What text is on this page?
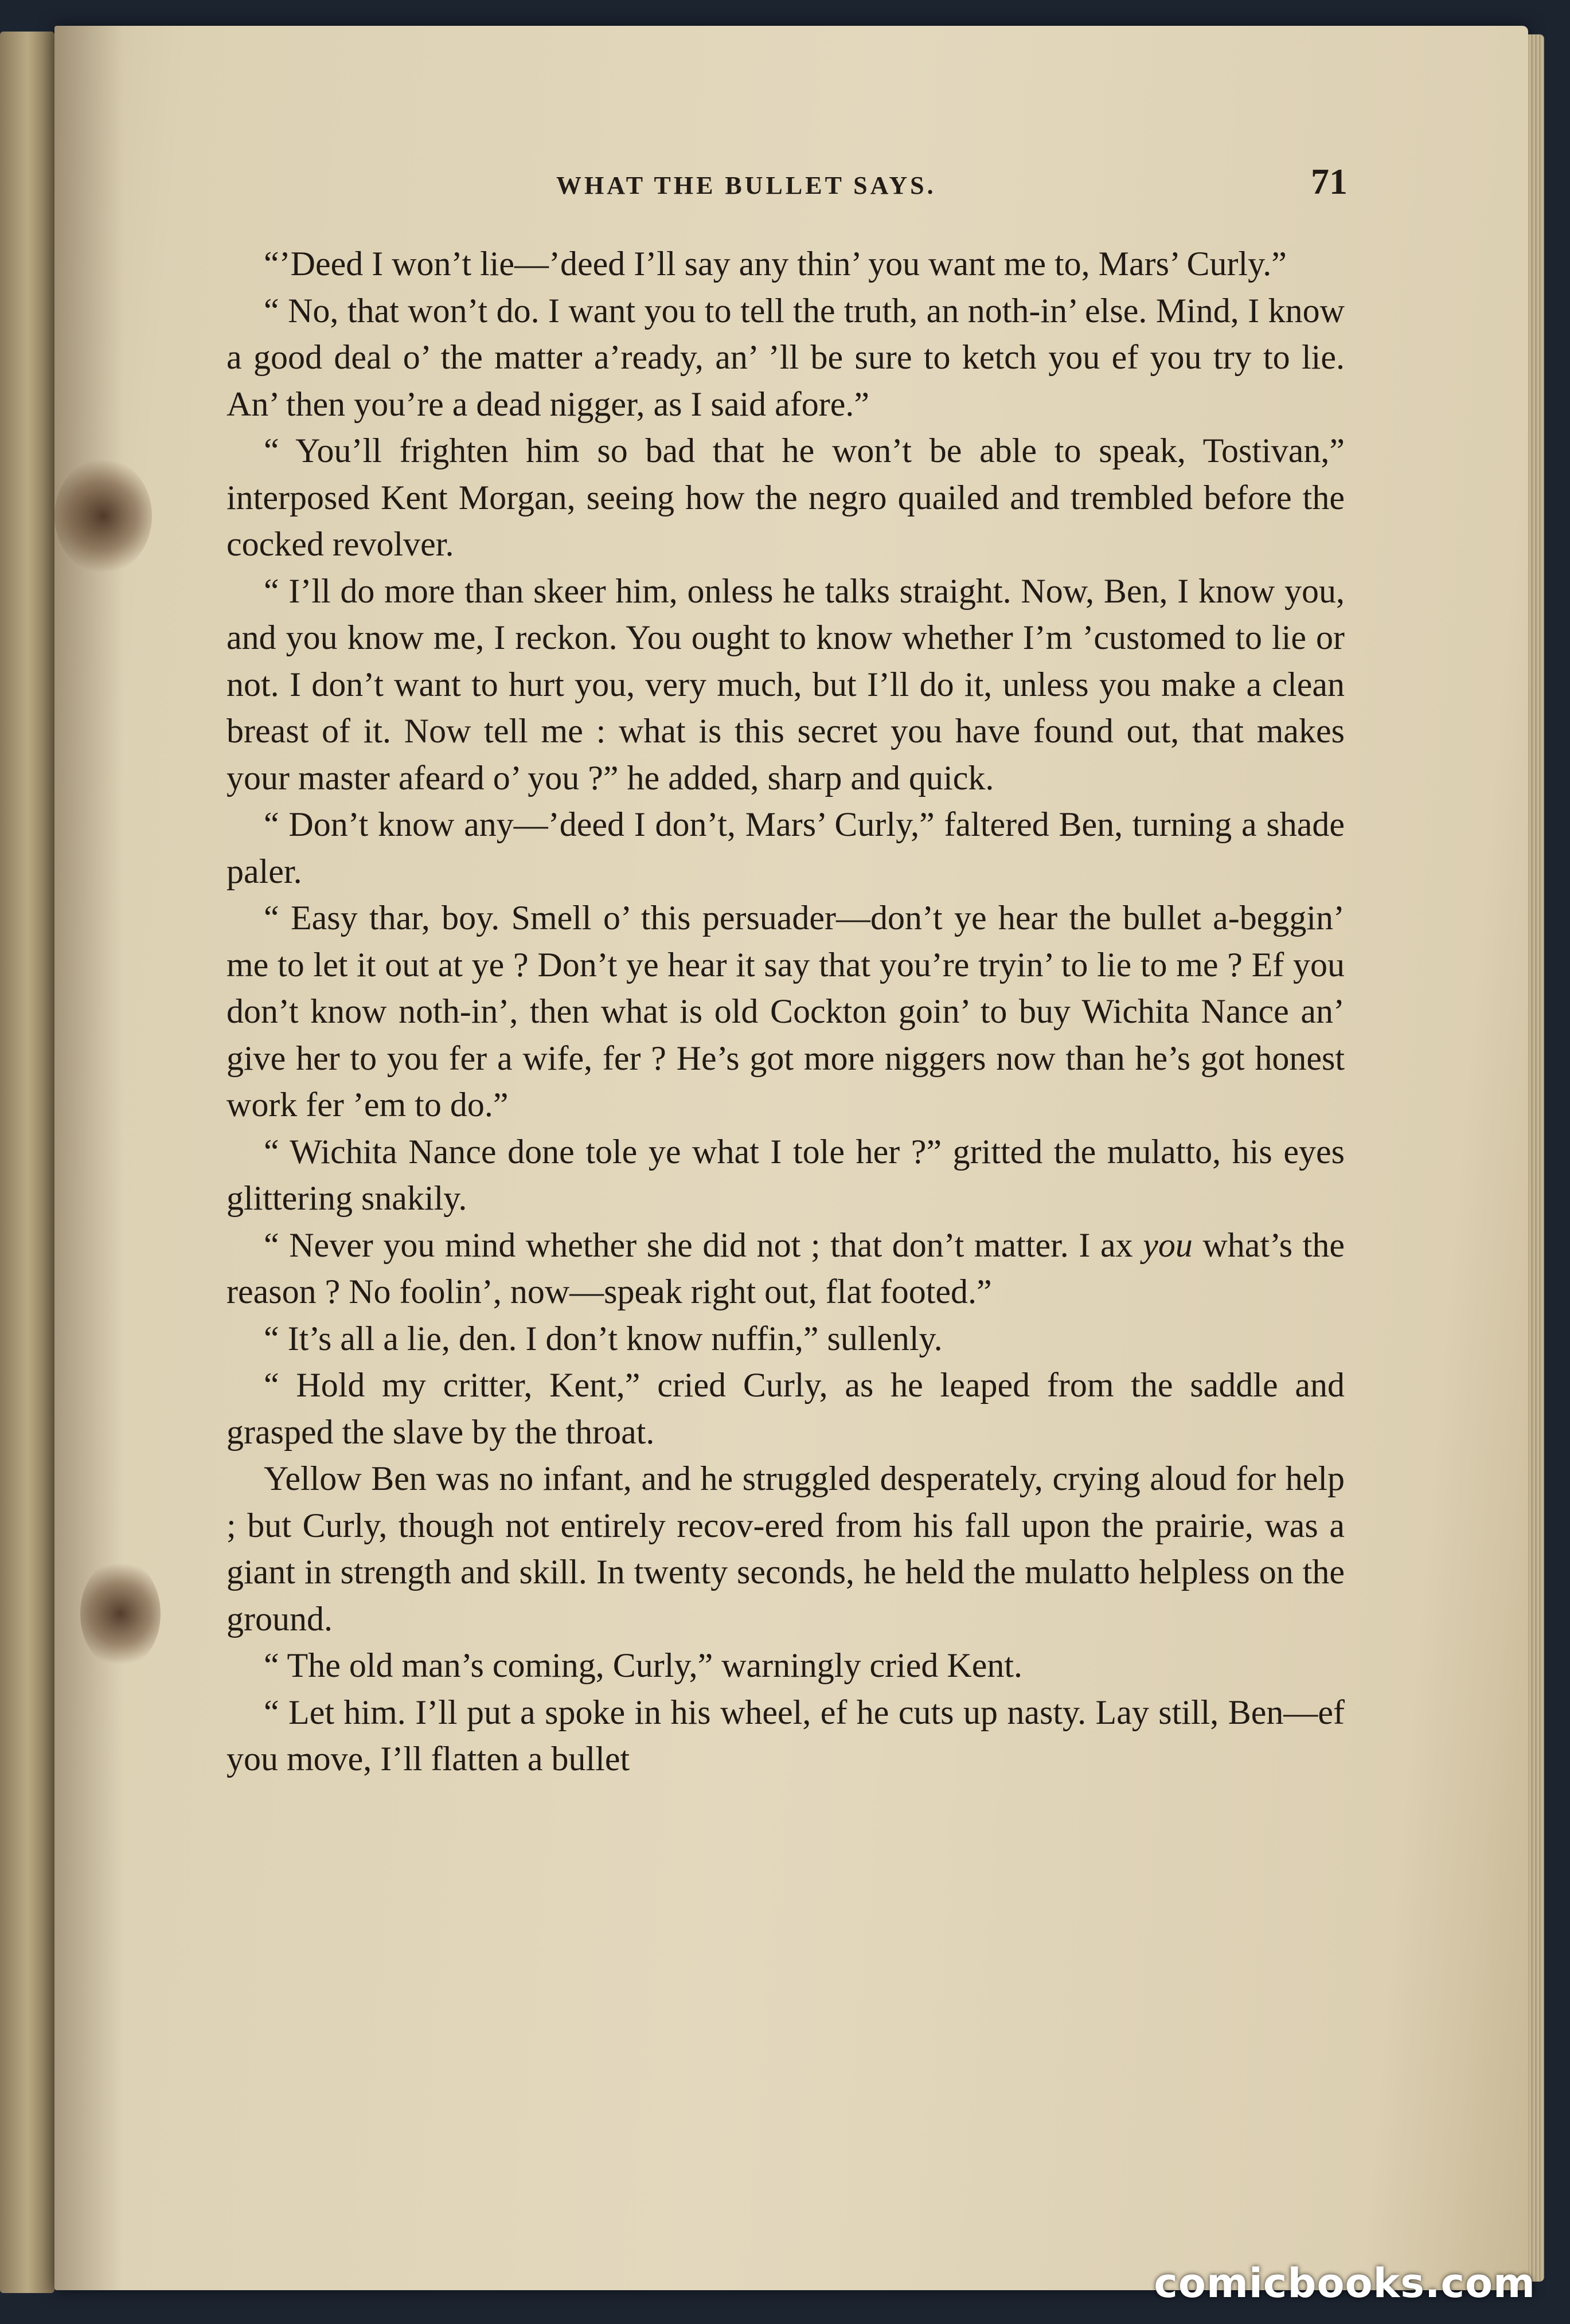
WHAT THE BULLET SAYS.	71

“’Deed I won’t lie—’deed I’ll say any thin’ you want me to, Mars’ Curly.”

“ No, that won’t do. I want you to tell the truth, an noth-in’ else. Mind, I know a good deal o’ the matter a’ready, an’ ’ll be sure to ketch you ef you try to lie. An’ then you’re a dead nigger, as I said afore.”

“ You’ll frighten him so bad that he won’t be able to speak, Tostivan,” interposed Kent Morgan, seeing how the negro quailed and trembled before the cocked revolver.

“ I’ll do more than skeer him, onless he talks straight. Now, Ben, I know you, and you know me, I reckon. You ought to know whether I’m ’customed to lie or not. I don’t want to hurt you, very much, but I’ll do it, unless you make a clean breast of it. Now tell me : what is this secret you have found out, that makes your master afeard o’ you ?” he added, sharp and quick.

“ Don’t know any—’deed I don’t, Mars’ Curly,” faltered Ben, turning a shade paler.

“ Easy thar, boy. Smell o’ this persuader—don’t ye hear the bullet a-beggin’ me to let it out at ye ? Don’t ye hear it say that you’re tryin’ to lie to me ? Ef you don’t know noth-in’, then what is old Cockton goin’ to buy Wichita Nance an’ give her to you fer a wife, fer ? He’s got more niggers now than he’s got honest work fer ’em to do.”

“ Wichita Nance done tole ye what I tole her ?” gritted the mulatto, his eyes glittering snakily.

“ Never you mind whether she did not ; that don’t matter. I ax you what’s the reason ? No foolin’, now—speak right out, flat footed.”

“ It’s all a lie, den. I don’t know nuffin,” sullenly.

“ Hold my critter, Kent,” cried Curly, as he leaped from the saddle and grasped the slave by the throat.

Yellow Ben was no infant, and he struggled desperately, crying aloud for help ; but Curly, though not entirely recov-ered from his fall upon the prairie, was a giant in strength and skill. In twenty seconds, he held the mulatto helpless on the ground.

“ The old man’s coming, Curly,” warningly cried Kent.

“ Let him. I’ll put a spoke in his wheel, ef he cuts up nasty. Lay still, Ben—ef you move, I’ll flatten a bullet

comicbooks.com
